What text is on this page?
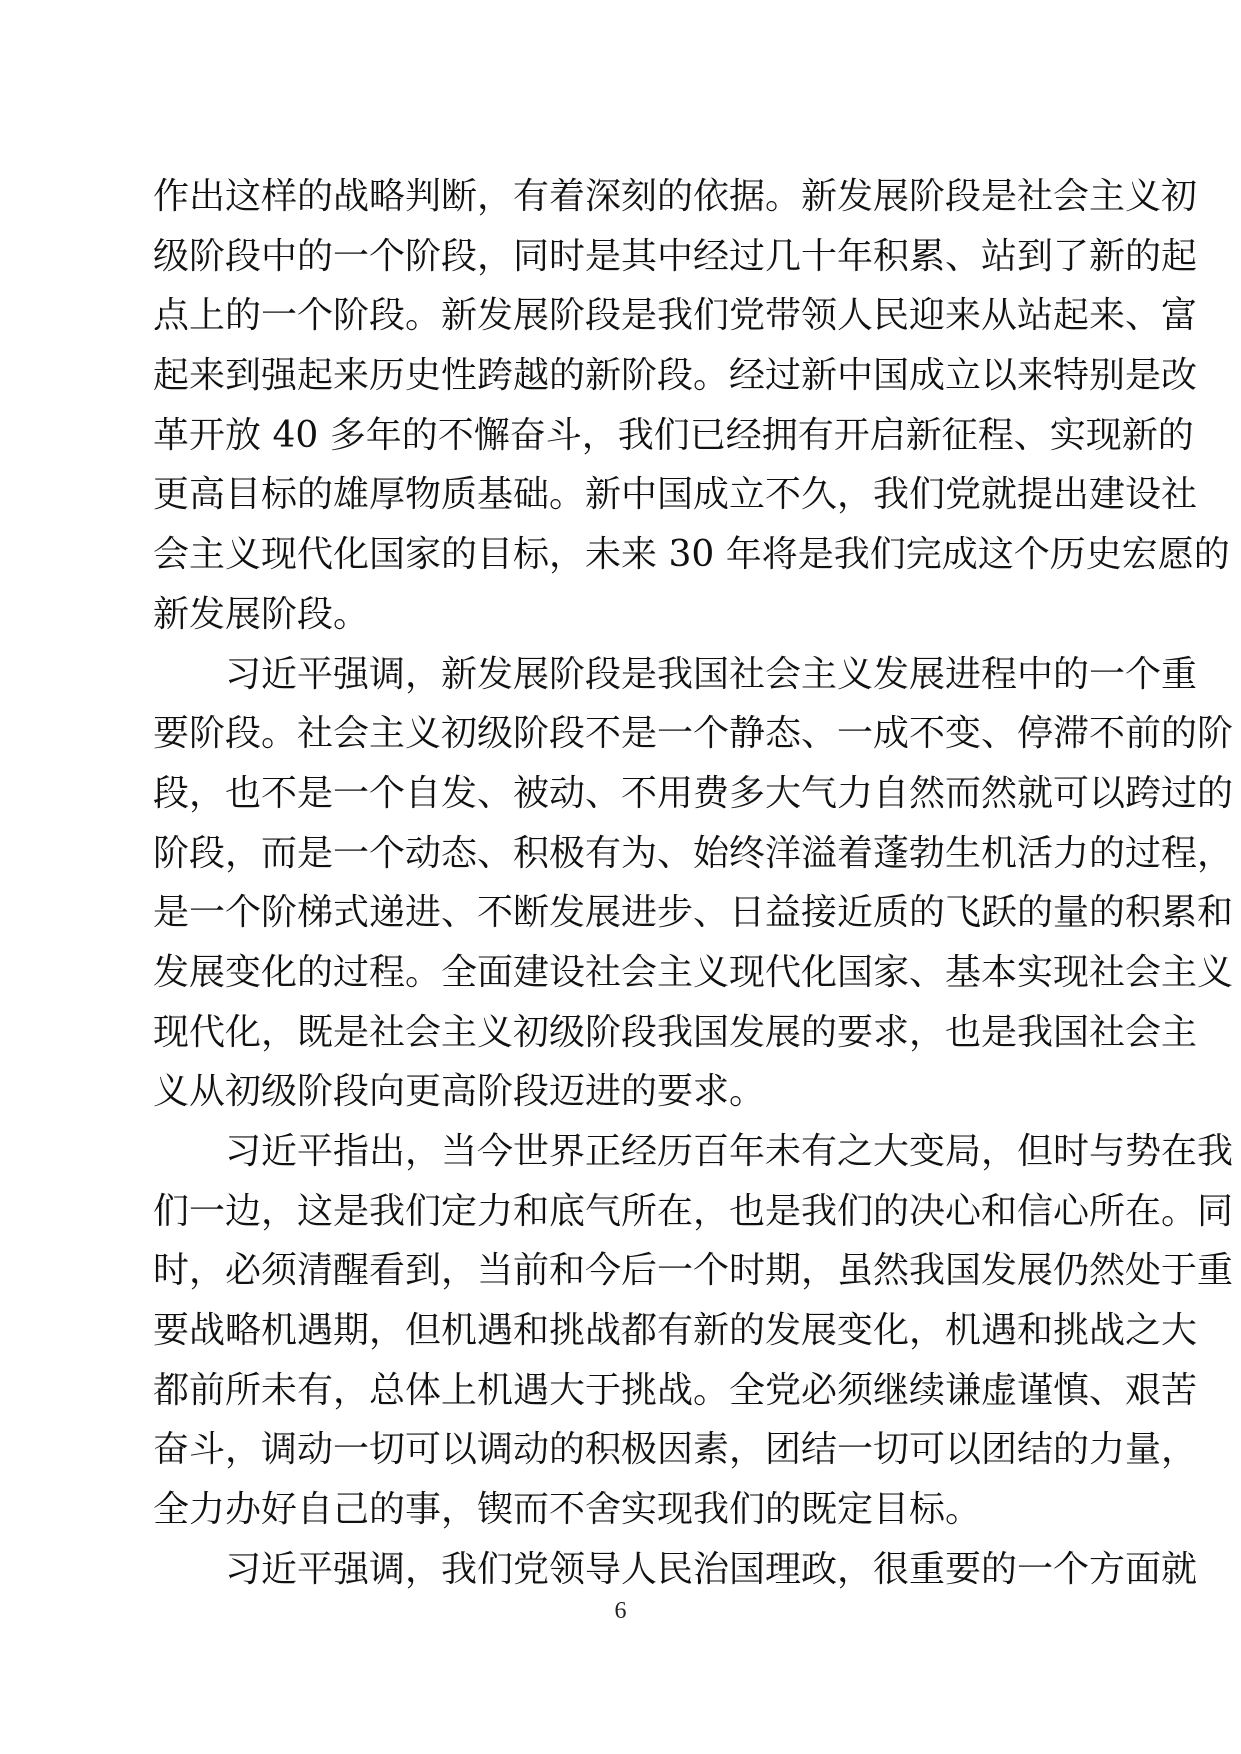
作出这样的战略判断，有着深刻的依据。新发展阶段是社会主义初
级阶段中的一个阶段，同时是其中经过几十年积累、站到了新的起
点上的一个阶段。新发展阶段是我们党带领人民迎来从站起来、富
起来到强起来历史性跨越的新阶段。经过新中国成立以来特别是改
革开放 40 多年的不懈奋斗，我们已经拥有开启新征程、实现新的
更高目标的雄厚物质基础。新中国成立不久，我们党就提出建设社
会主义现代化国家的目标，未来 30 年将是我们完成这个历史宏愿的
新发展阶段。
习近平强调，新发展阶段是我国社会主义发展进程中的一个重
要阶段。社会主义初级阶段不是一个静态、一成不变、停滞不前的阶
段，也不是一个自发、被动、不用费多大气力自然而然就可以跨过的
阶段，而是一个动态、积极有为、始终洋溢着蓬勃生机活力的过程，
是一个阶梯式递进、不断发展进步、日益接近质的飞跃的量的积累和
发展变化的过程。全面建设社会主义现代化国家、基本实现社会主义
现代化，既是社会主义初级阶段我国发展的要求，也是我国社会主
义从初级阶段向更高阶段迈进的要求。
习近平指出，当今世界正经历百年未有之大变局，但时与势在我
们一边，这是我们定力和底气所在，也是我们的决心和信心所在。同
时，必须清醒看到，当前和今后一个时期，虽然我国发展仍然处于重
要战略机遇期，但机遇和挑战都有新的发展变化，机遇和挑战之大
都前所未有，总体上机遇大于挑战。全党必须继续谦虚谨慎、艰苦
奋斗，调动一切可以调动的积极因素，团结一切可以团结的力量，
全力办好自己的事，锲而不舍实现我们的既定目标。
习近平强调，我们党领导人民治国理政，很重要的一个方面就
6
